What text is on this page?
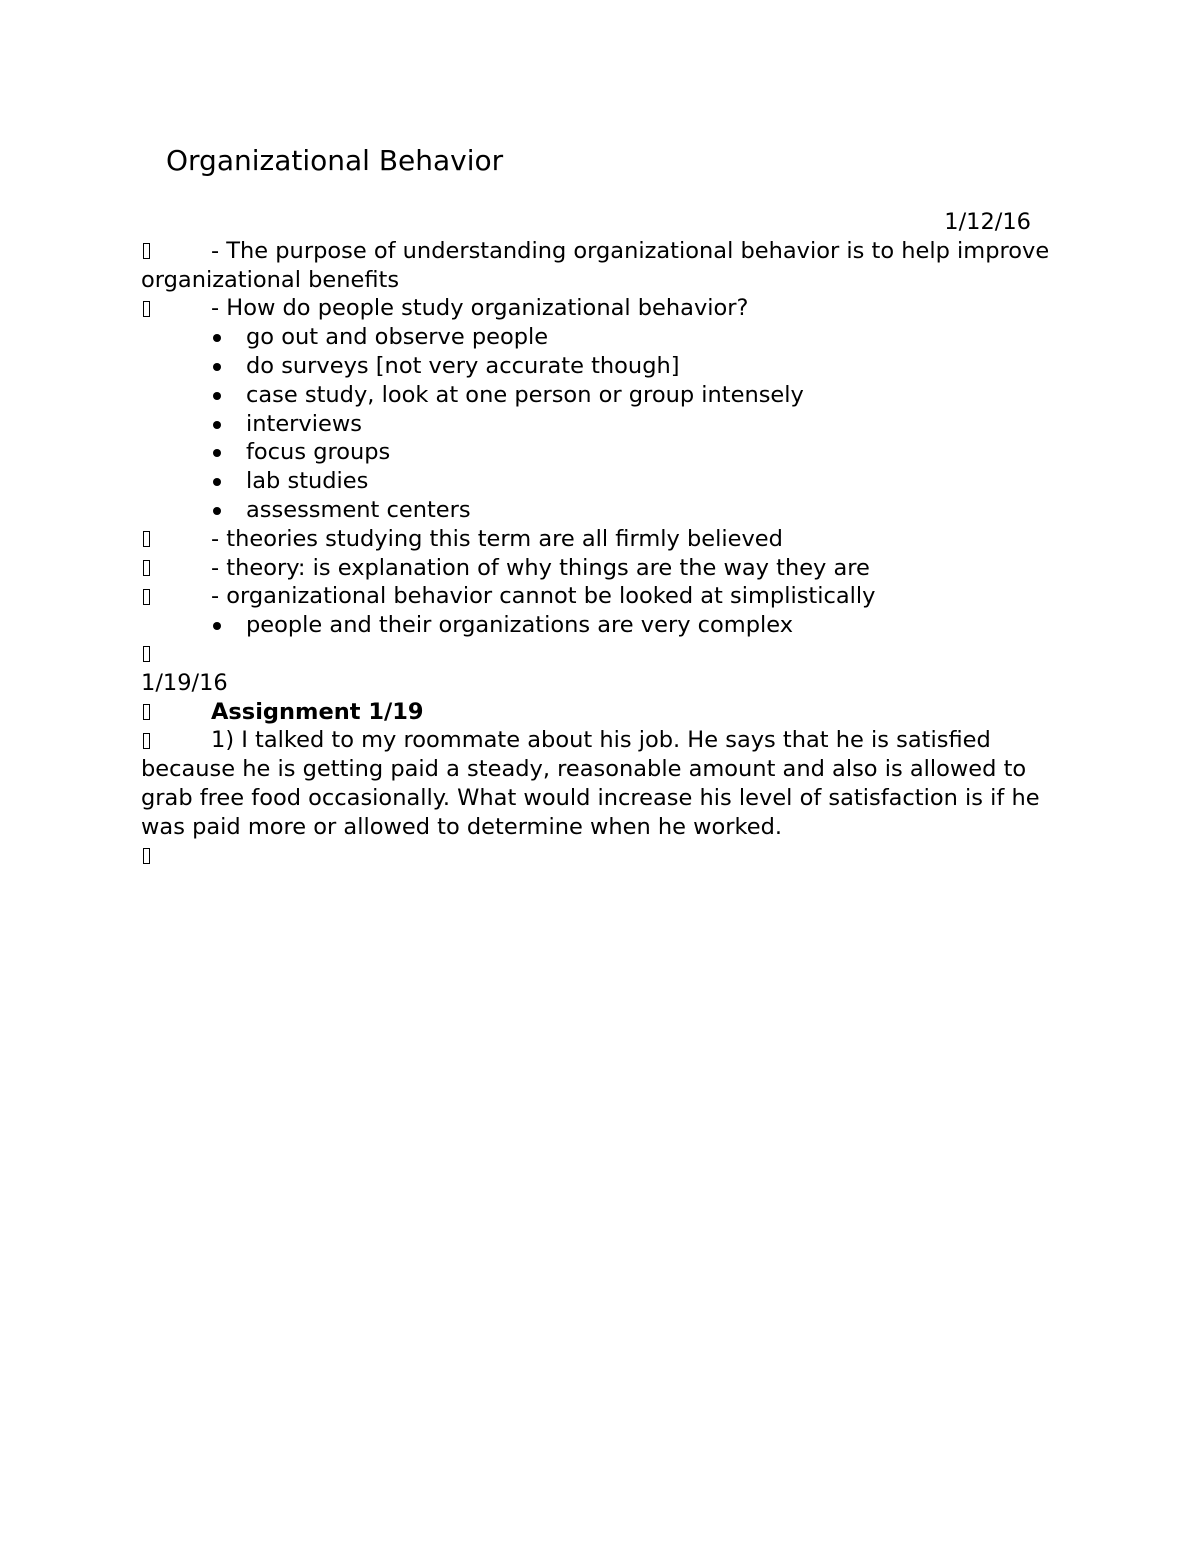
Organizational Behavior
1/12/16
- The purpose of understanding organizational behavior is to help improve organizational benefits
- How do people study organizational behavior?
go out and observe people
do surveys [not very accurate though]
case study, look at one person or group intensely
interviews
focus groups
lab studies
assessment centers
- theories studying this term are all firmly believed
- theory: is explanation of why things are the way they are
- organizational behavior cannot be looked at simplistically
people and their organizations are very complex
1/19/16
Assignment 1/19
1) I talked to my roommate about his job. He says that he is satisfied because he is getting paid a steady, reasonable amount and also is allowed to grab free food occasionally. What would increase his level of satisfaction is if he was paid more or allowed to determine when he worked.
